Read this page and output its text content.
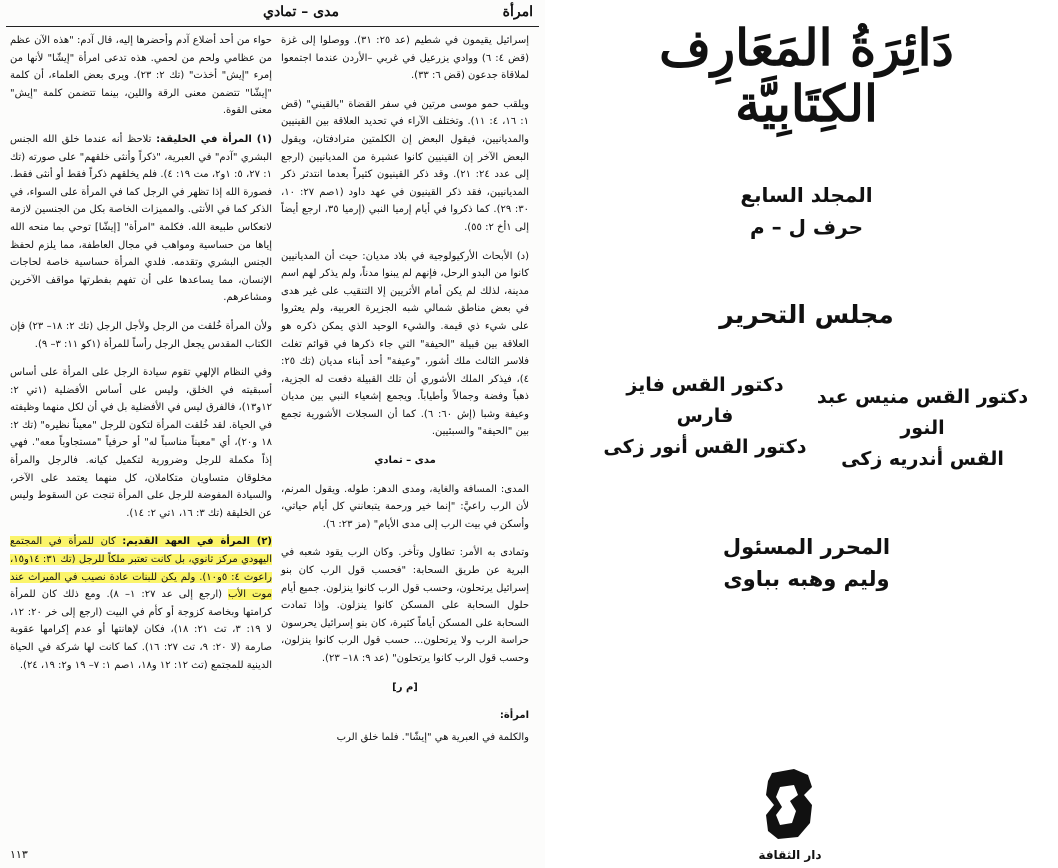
امرأة
مدى – تمادي

إسرائيل يقيمون في شطيم (عد ٢٥: ٣١). ووصلوا إلى غزة (قض ٤: ٦) ووادي يزرعيل في غربي –الأردن عندما اجتمعوا لملاقاة جدعون (قض ٦: ٣٣).

ويلقب حمو موسى مرتين في سفر القضاة "بالقيني" (قض ١: ١٦، ٤: ١١). وتختلف الآراء في تحديد العلاقة بين القينيين والمديانيين، فيقول البعض إن الكلمتين مترادفتان، ويقول البعض الآخر إن القينيين كانوا عشيرة من المديانيين (ارجع إلى عدد ٢٤: ٢١). وقد ذكر القينيون كثيراً بعدما انتدثر ذكر المديانيين، فقد ذكر القينيون في عهد داود (١صم ٢٧: ١٠، ٣٠: ٢٩). كما ذكروا في أيام إرميا النبي (إرميا ٣٥، ارجع أيضاً إلى ١أخ ٢: ٥٥).

(د) الأبحاث الأركيولوجية في بلاد مديان: حيث أن المديانيين كانوا من البدو الرحل، فإنهم لم يبنوا مدناً، ولم يذكر لهم اسم مدينة، لذلك لم يكن أمام الأثريين إلا التنقيب على غير هدى في بعض مناطق شمالي شبه الجزيرة العربية، ولم يعثروا على شيء ذي قيمة. والشيء الوحيد الذي يمكن ذكره هو العلاقة بين قبيلة "الحيفة" التي جاء ذكرها في قوائم تغلث فلاسر الثالث ملك أشور، "وعيفة" أحد أبناء مديان (تك ٢٥: ٤)، فيذكر الملك الأشوري أن تلك القبيلة دفعت له الجزية، ذهباً وفضة وجمالاً وأطياباً. ويجمع إشعياء النبي بين مديان وعيفة وشبا (إش ٦٠: ٦). كما أن السجلات الأشورية تجمع بين "الحيفة" والسبئيين.

مدى – تمادي

المدى: المسافة والغاية، ومدى الدهر: طوله. ويقول المرنم، لأن الرب راعيَّ: "إنما خير ورحمة يتبعانني كل أيام حياتي، وأسكن في بيت الرب إلى مدى الأيام" (مز ٢٣: ٦).

وتمادى به الأمر: تطاول وتأخر. وكان الرب يقود شعبه في البرية عن طريق السحابة: "فحسب قول الرب كان بنو إسرائيل يرتحلون، وحسب قول الرب كانوا ينزلون. جميع أيام حلول السحابة على المسكن كانوا ينزلون. وإذا تمادت السحابة على المسكن أياماً كثيرة، كان بنو إسرائيل يحرسون حراسة الرب ولا يرتحلون... حسب قول الرب كانوا ينزلون، وحسب قول الرب كانوا يرتحلون" (عد ٩: ١٨– ٢٣).

[م ر]

امرأة:

والكلمة في العبرية هي "إيشّا". فلما خلق الرب

حواء من أحد أضلاع آدم وأحضرها إليه، قال آدم: "هذه الآن عظم من عظامي ولحم من لحمي. هذه تدعى امرأة "إيشّا" لأنها من إمرء "إيش" أخذت" (تك ٢: ٢٣). ويرى بعض العلماء، أن كلمة "إيشّا" تتضمن معنى الرقة واللين، بينما تتضمن كلمة "إيش" معنى القوة.

(١) المرأة في الخليقة: تلاحظ أنه عندما خلق الله الجنس البشري "آدم" في العبرية، "ذكراً وأنثى خلقهم" على صورته (تك ١: ٢٧، ٥: ١و٢، مت ١٩: ٤). فلم يخلقهم ذكراً فقط أو أنثى فقط. فصورة الله إذا تظهر في الرجل كما في المرأة على السواء، في الذكر كما في الأنثى. والمميزات الخاصة بكل من الجنسين لازمة لانعكاس طبيعة الله. فكلمة "امرأة" [إيشّا] توحي بما منحه الله إياها من حساسية ومواهب في مجال العاطفة، مما يلزم لحفظ الجنس البشري وتقدمه. فلدي المرأة حساسية خاصة لحاجات الإنسان، مما يساعدها على أن تفهم بفطرتها مواقف الآخرين ومشاعرهم.

ولأن المرأة خُلقت من الرجل ولأجل الرجل (تك ٢: ١٨– ٢٣) فإن الكتاب المقدس يجعل الرجل رأساً للمرأة (١كو ١١: ٣– ٩).

وفي النظام الإلهي تقوم سيادة الرجل على المرأة على أساس أسبقيته في الخلق، وليس على أساس الأفضلية (١تي ٢: ١٢و١٣)، فالفرق ليس في الأفضلية بل في أن لكل منهما وظيفته في الحياة. لقد خُلقت المرأة لتكون للرجل "معيناً نظيره" (تك ٢: ١٨ و٢٠)، أي "معيناً مناسباً له" أو حرفياً "مستجاوباً معه". فهي إذاً مكملة للرجل وضرورية لتكميل كيانه. فالرجل والمرأة مخلوقان متساويان متكاملان، كل منهما يعتمد على الآخر، والسيادة المفوضة للرجل على المرأة تنجت عن السقوط وليس عن الخليقة (تك ٣: ١٦، ١تي ٢: ١٤).

(٢) المرأة في العهد القديم: كان للمرأة في المجتمع اليهودي مركز ثانوي، بل كانت تعتبر ملكاً للرجل (تك ٣١: ١٤و١٥، راعوث ٤: ٥و١٠). ولم يكن للبنات عادة نصيب في الميراث عند موت الأب (ارجع إلى عد ٢٧: ١– ٨). ومع ذلك كان للمرأة كرامتها وبخاصة كزوجة أو كأم في البيت (ارجع إلى خر ٢٠: ١٢، لا ١٩: ٣، تث ٢١: ١٨)، فكان لإهانتها أو عدم إكرامها عقوبة صارمة (لا ٢٠: ٩، تث ٢٧: ١٦). كما كانت لها شركة في الحياة الدينية للمجتمع (تث ١٢: ١٢ و١٨، ١صم ١: ٧– ١٩ و٢: ١٩، ٢٤).

١١٣
دَائِرَةُ المَعَارِف
الكِتَابِيَّة
المجلد السابع
حرف ل – م
مجلس التحرير
دكتور القس منيس عبد النور
القس أندريه زكى
دكتور القس فايز فارس
دكتور القس أنور زكى
المحرر المسئول
وليم وهبه بباوى
دار الثقافة
